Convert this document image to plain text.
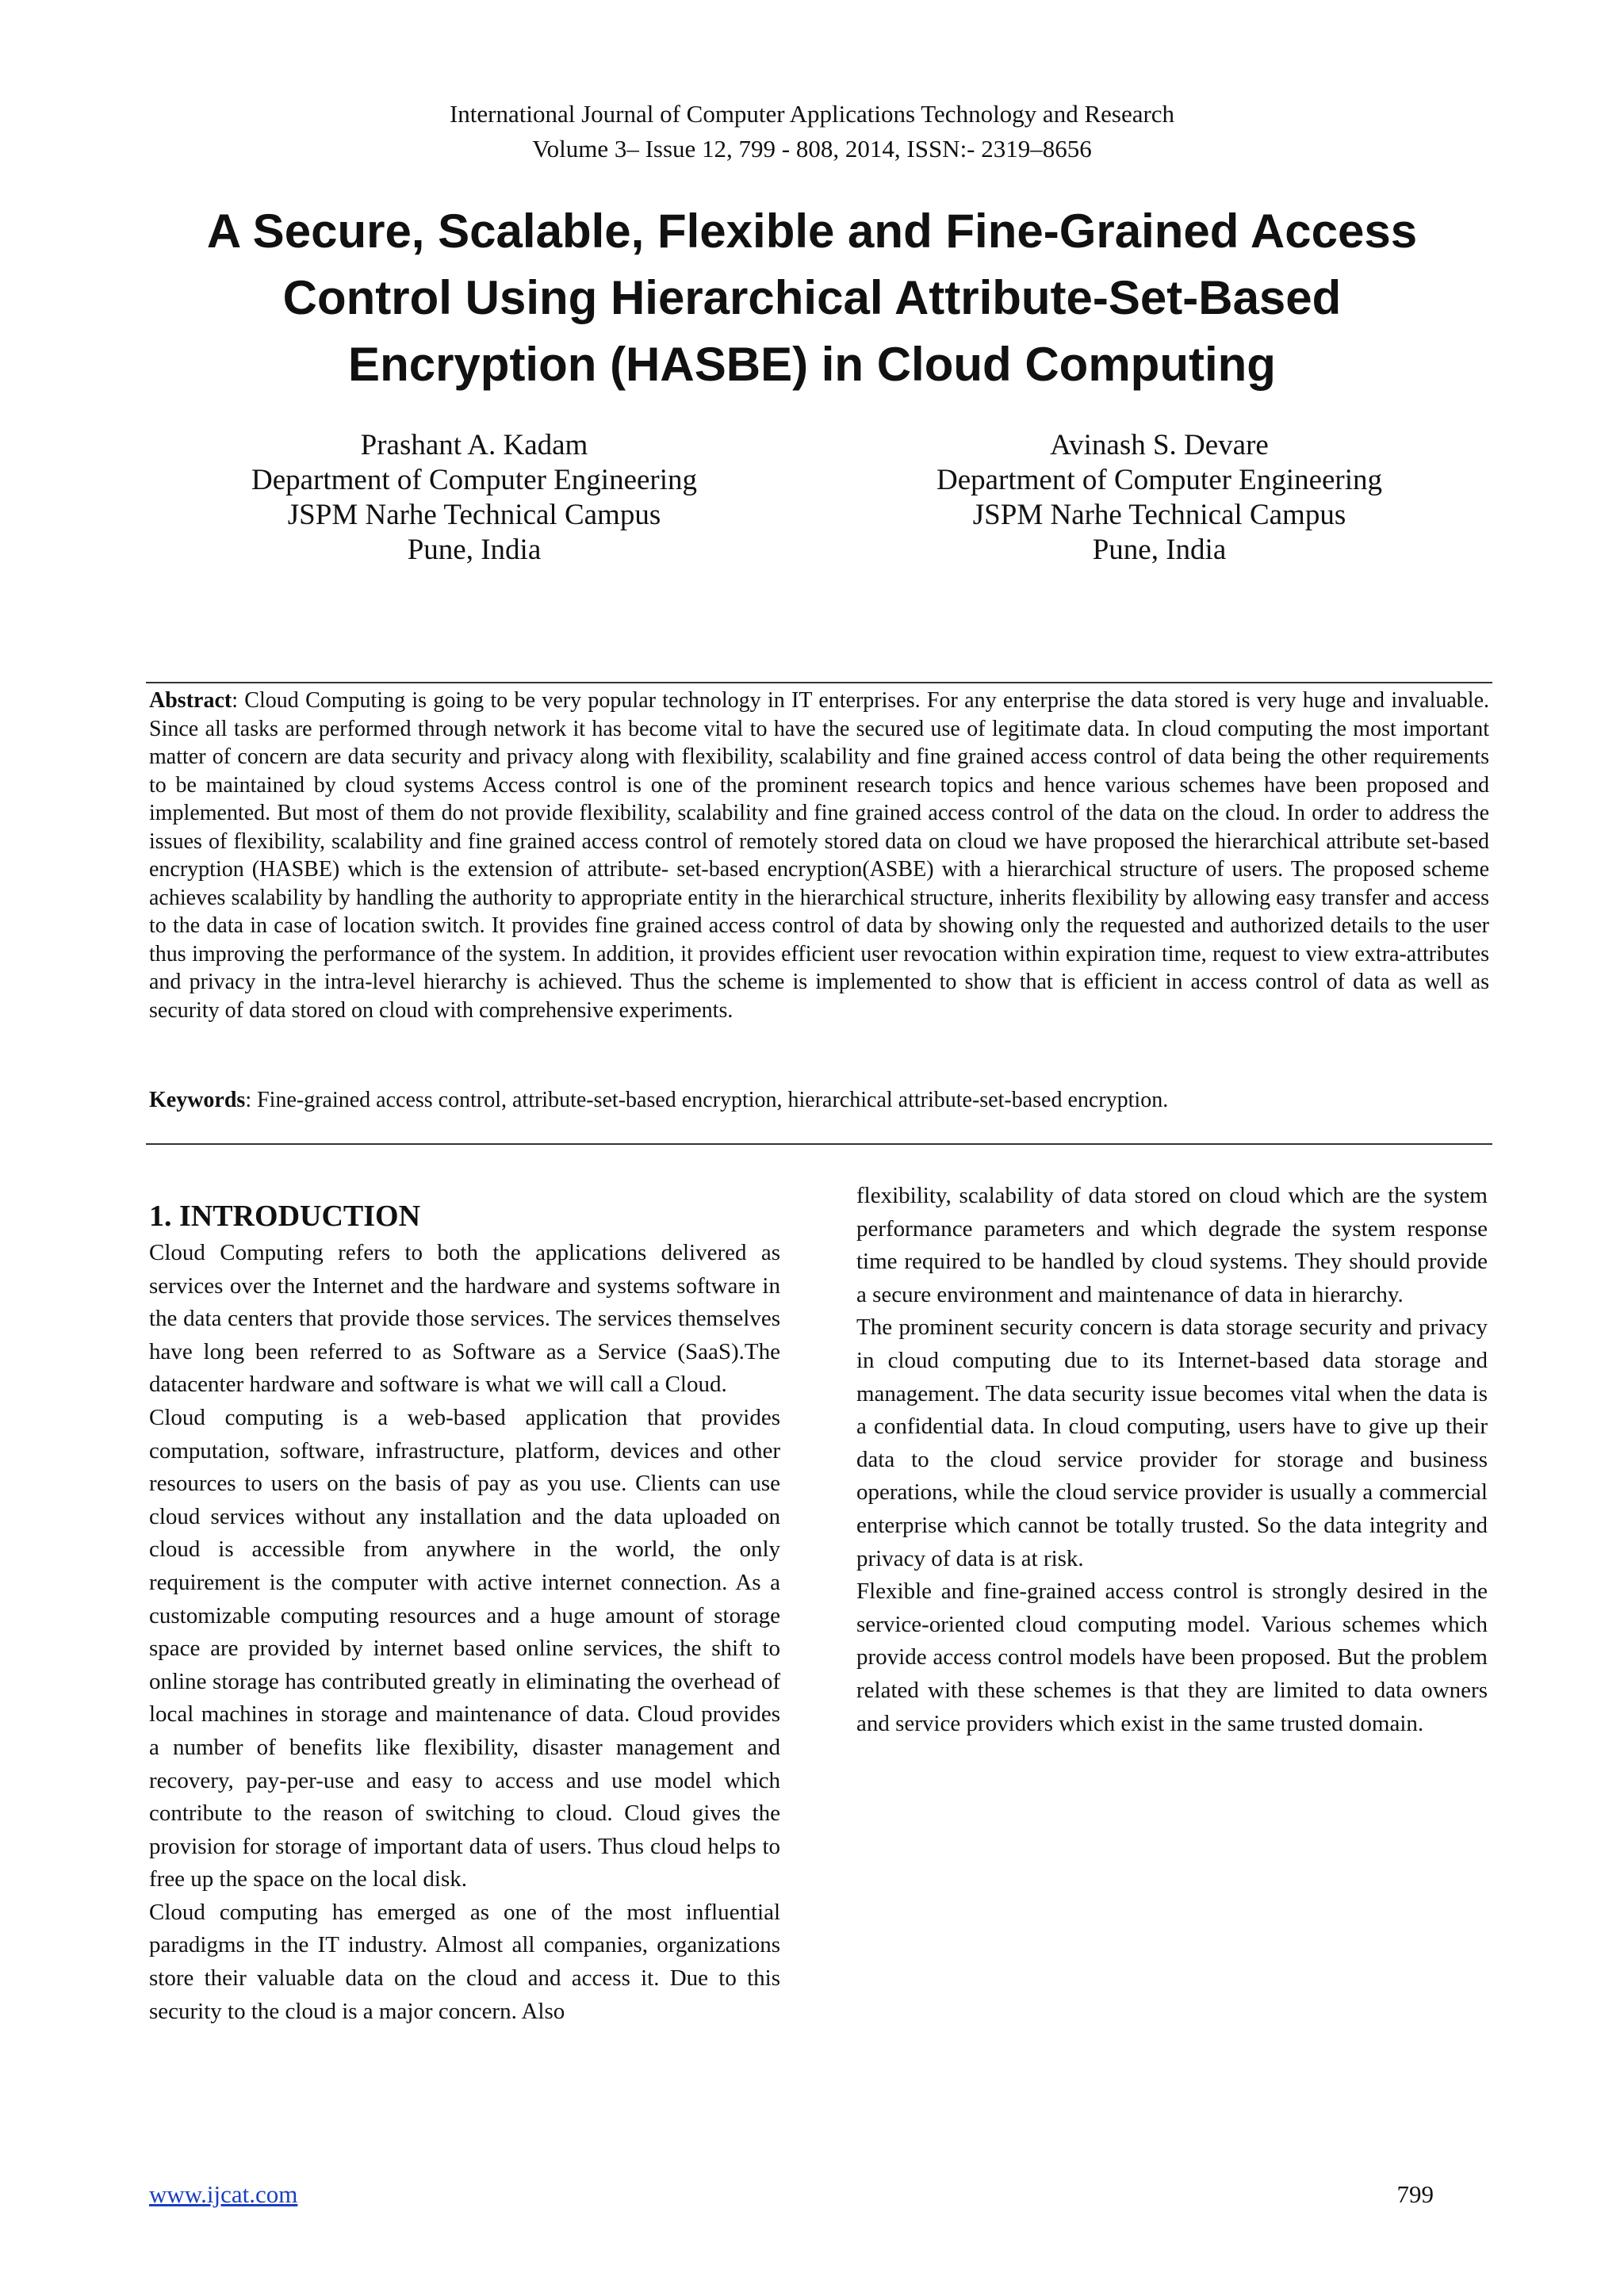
International Journal of Computer Applications Technology and Research
Volume 3– Issue 12, 799 - 808, 2014, ISSN:- 2319–8656
A Secure, Scalable, Flexible and Fine-Grained Access
Control Using Hierarchical Attribute-Set-Based
Encryption (HASBE) in Cloud Computing
Prashant A. Kadam
Department of Computer Engineering
JSPM Narhe Technical Campus
Pune, India
Avinash S. Devare
Department of Computer Engineering
JSPM Narhe Technical Campus
Pune, India

Abstract: Cloud Computing is going to be very popular technology in IT enterprises. For any enterprise the data stored is very huge and invaluable. Since all tasks are performed through network it has become vital to have the secured use of legitimate data. In cloud computing the most important matter of concern are data security and privacy along with flexibility, scalability and fine grained access control of data being the other requirements to be maintained by cloud systems Access control is one of the prominent research topics and hence various schemes have been proposed and implemented. But most of them do not provide flexibility, scalability and fine grained access control of the data on the cloud. In order to address the issues of flexibility, scalability and fine grained access control of remotely stored data on cloud we have proposed the hierarchical attribute set-based encryption (HASBE) which is the extension of attribute- set-based encryption(ASBE) with a hierarchical structure of users. The proposed scheme achieves scalability by handling the authority to appropriate entity in the hierarchical structure, inherits flexibility by allowing easy transfer and access to the data in case of location switch. It provides fine grained access control of data by showing only the requested and authorized details to the user thus improving the performance of the system. In addition, it provides efficient user revocation within expiration time, request to view extra-attributes and privacy in the intra-level hierarchy is achieved. Thus the scheme is implemented to show that is efficient in access control of data as well as security of data stored on cloud with comprehensive experiments.

Keywords: Fine-grained access control, attribute-set-based encryption, hierarchical attribute-set-based encryption.

1. INTRODUCTION

Cloud Computing refers to both the applications delivered as services over the Internet and the hardware and systems software in the data centers that provide those services. The services themselves have long been referred to as Software as a Service (SaaS).The datacenter hardware and software is what we will call a Cloud.

Cloud computing is a web-based application that provides computation, software, infrastructure, platform, devices and other resources to users on the basis of pay as you use. Clients can use cloud services without any installation and the data uploaded on cloud is accessible from anywhere in the world, the only requirement is the computer with active internet connection. As a customizable computing resources and a huge amount of storage space are provided by internet based online services, the shift to online storage has contributed greatly in eliminating the overhead of local machines in storage and maintenance of data. Cloud provides a number of benefits like flexibility, disaster management and recovery, pay-per-use and easy to access and use model which contribute to the reason of switching to cloud. Cloud gives the provision for storage of important data of users. Thus cloud helps to free up the space on the local disk.

Cloud computing has emerged as one of the most influential paradigms in the IT industry. Almost all companies, organizations store their valuable data on the cloud and access it. Due to this security to the cloud is a major concern. Also

flexibility, scalability of data stored on cloud which are the system performance parameters and which degrade the system response time required to be handled by cloud systems. They should provide a secure environment and maintenance of data in hierarchy.

The prominent security concern is data storage security and privacy in cloud computing due to its Internet-based data storage and management. The data security issue becomes vital when the data is a confidential data. In cloud computing, users have to give up their data to the cloud service provider for storage and business operations, while the cloud service provider is usually a commercial enterprise which cannot be totally trusted. So the data integrity and privacy of data is at risk.

Flexible and fine-grained access control is strongly desired in the service-oriented cloud computing model. Various schemes which provide access control models have been proposed. But the problem related with these schemes is that they are limited to data owners and service providers which exist in the same trusted domain.

www.ijcat.com	799
